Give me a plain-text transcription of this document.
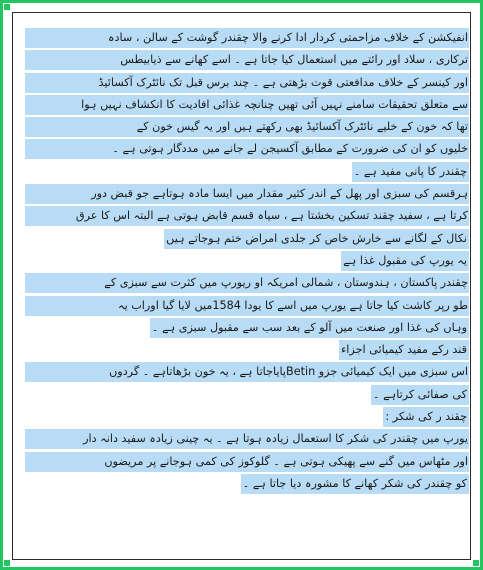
انفیکشن کے خلاف مزاحمتی کردار ادا کرنے والا چقندر گوشت کے سالن ، سادہ
ترکاری ، سلاد اور رائتے میں استعمال کیا جاتا ہے ۔ اسے کھانے سے ذیابیطس
اور کینسر کے خلاف مدافعتی قوت بڑھتی ہے ۔ چند برس قبل تک نائٹرک آکسائیڈ
سے متعلق تحقیقات سامنے نہیں آئی تھیں چنانچہ غذائی افادیت کا انکشاف نہیں ہوا
تھا کہ خون کے خلیے نائٹرک آکسائیڈ بھی رکھتے ہیں اور یہ گیس خون کے
خلیوں کو ان کی ضرورت کے مطابق آکسیجن لے جانے میں مددگار ہوتی ہے ۔
چقندر کا پانی مفید ہے ۔
ہرقسم کی سبزی اور پھل کے اندر کثیر مقدار میں ایسا مادہ ہوتاہے جو قبض دور
کرتا ہے ، سفید چقند تسکین بخشتا ہے ، سیاہ قسم قابض ہوتی ہے البتہ اس کا عرق
نکال کے لگانے سے خارش خاص کر جلدی امراض ختم ہوجاتے ہیں
یہ یورپ کی مقبول غذا ہے
چقندر پاکستان ، ہندوستان ، شمالی امریکہ او ریورپ میں کثرت سے سبزی کے
طو رپر کاشت کیا جاتا ہے یورپ میں اسے کا یودا 1584میں لایا گیا اوراب یہ
وہاں کی غذا اور صنعت میں آلو کے بعد سب سے مقبول سبزی ہے ۔
قند رکے مفید کیمیائی اجزاء
اس سبزی میں ایک کیمیائی جزو Betinپایاجاتا ہے ، یہ خون بڑھاتاہے ۔ گردوں
کی صفائی کرتاہے ۔
چقند ر کی شکر :
یورپ میں چقندر کی شکر کا استعمال زیادہ ہوتا ہے ۔ یہ چینی زیادہ سفید دانہ دار
اور مٹھاس میں گنے سے پھیکی ہوتی ہے ۔ گلوکوز کی کمی ہوجانے پر مریضوں
کو چقندر کی شکر کھانے کا مشورہ دیا جاتا ہے ۔
